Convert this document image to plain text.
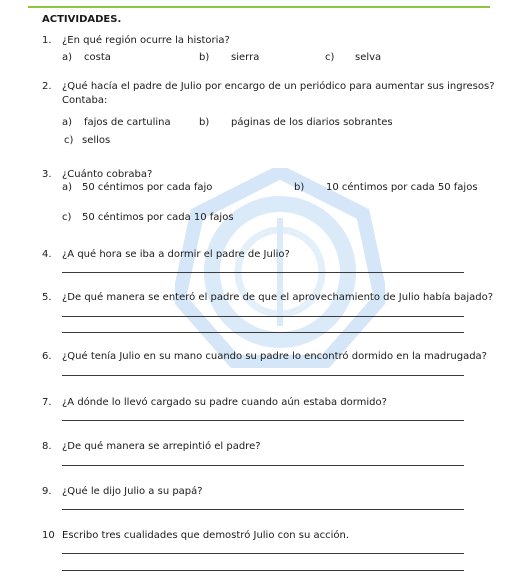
ACTIVIDADES.
1. ¿En qué región ocurre la historia?
a) costa	b) sierra	c) selva
2. ¿Qué hacía el padre de Julio por encargo de un periódico para aumentar sus ingresos?
Contaba:
a) fajos de cartulina	b) páginas de los diarios sobrantes
c) sellos
3. ¿Cuánto cobraba?
a) 50 céntimos por cada fajo	b) 10 céntimos por cada 50 fajos
c) 50 céntimos por cada 10 fajos
4. ¿A qué hora se iba a dormir el padre de Julio?
5. ¿De qué manera se enteró el padre de que el aprovechamiento de Julio había bajado?
6. ¿Qué tenía Julio en su mano cuando su padre lo encontró dormido en la madrugada?
7. ¿A dónde lo llevó cargado su padre cuando aún estaba dormido?
8. ¿De qué manera se arrepintió el padre?
9. ¿Qué le dijo Julio a su papá?
10 Escribo tres cualidades que demostró Julio con su acción.
